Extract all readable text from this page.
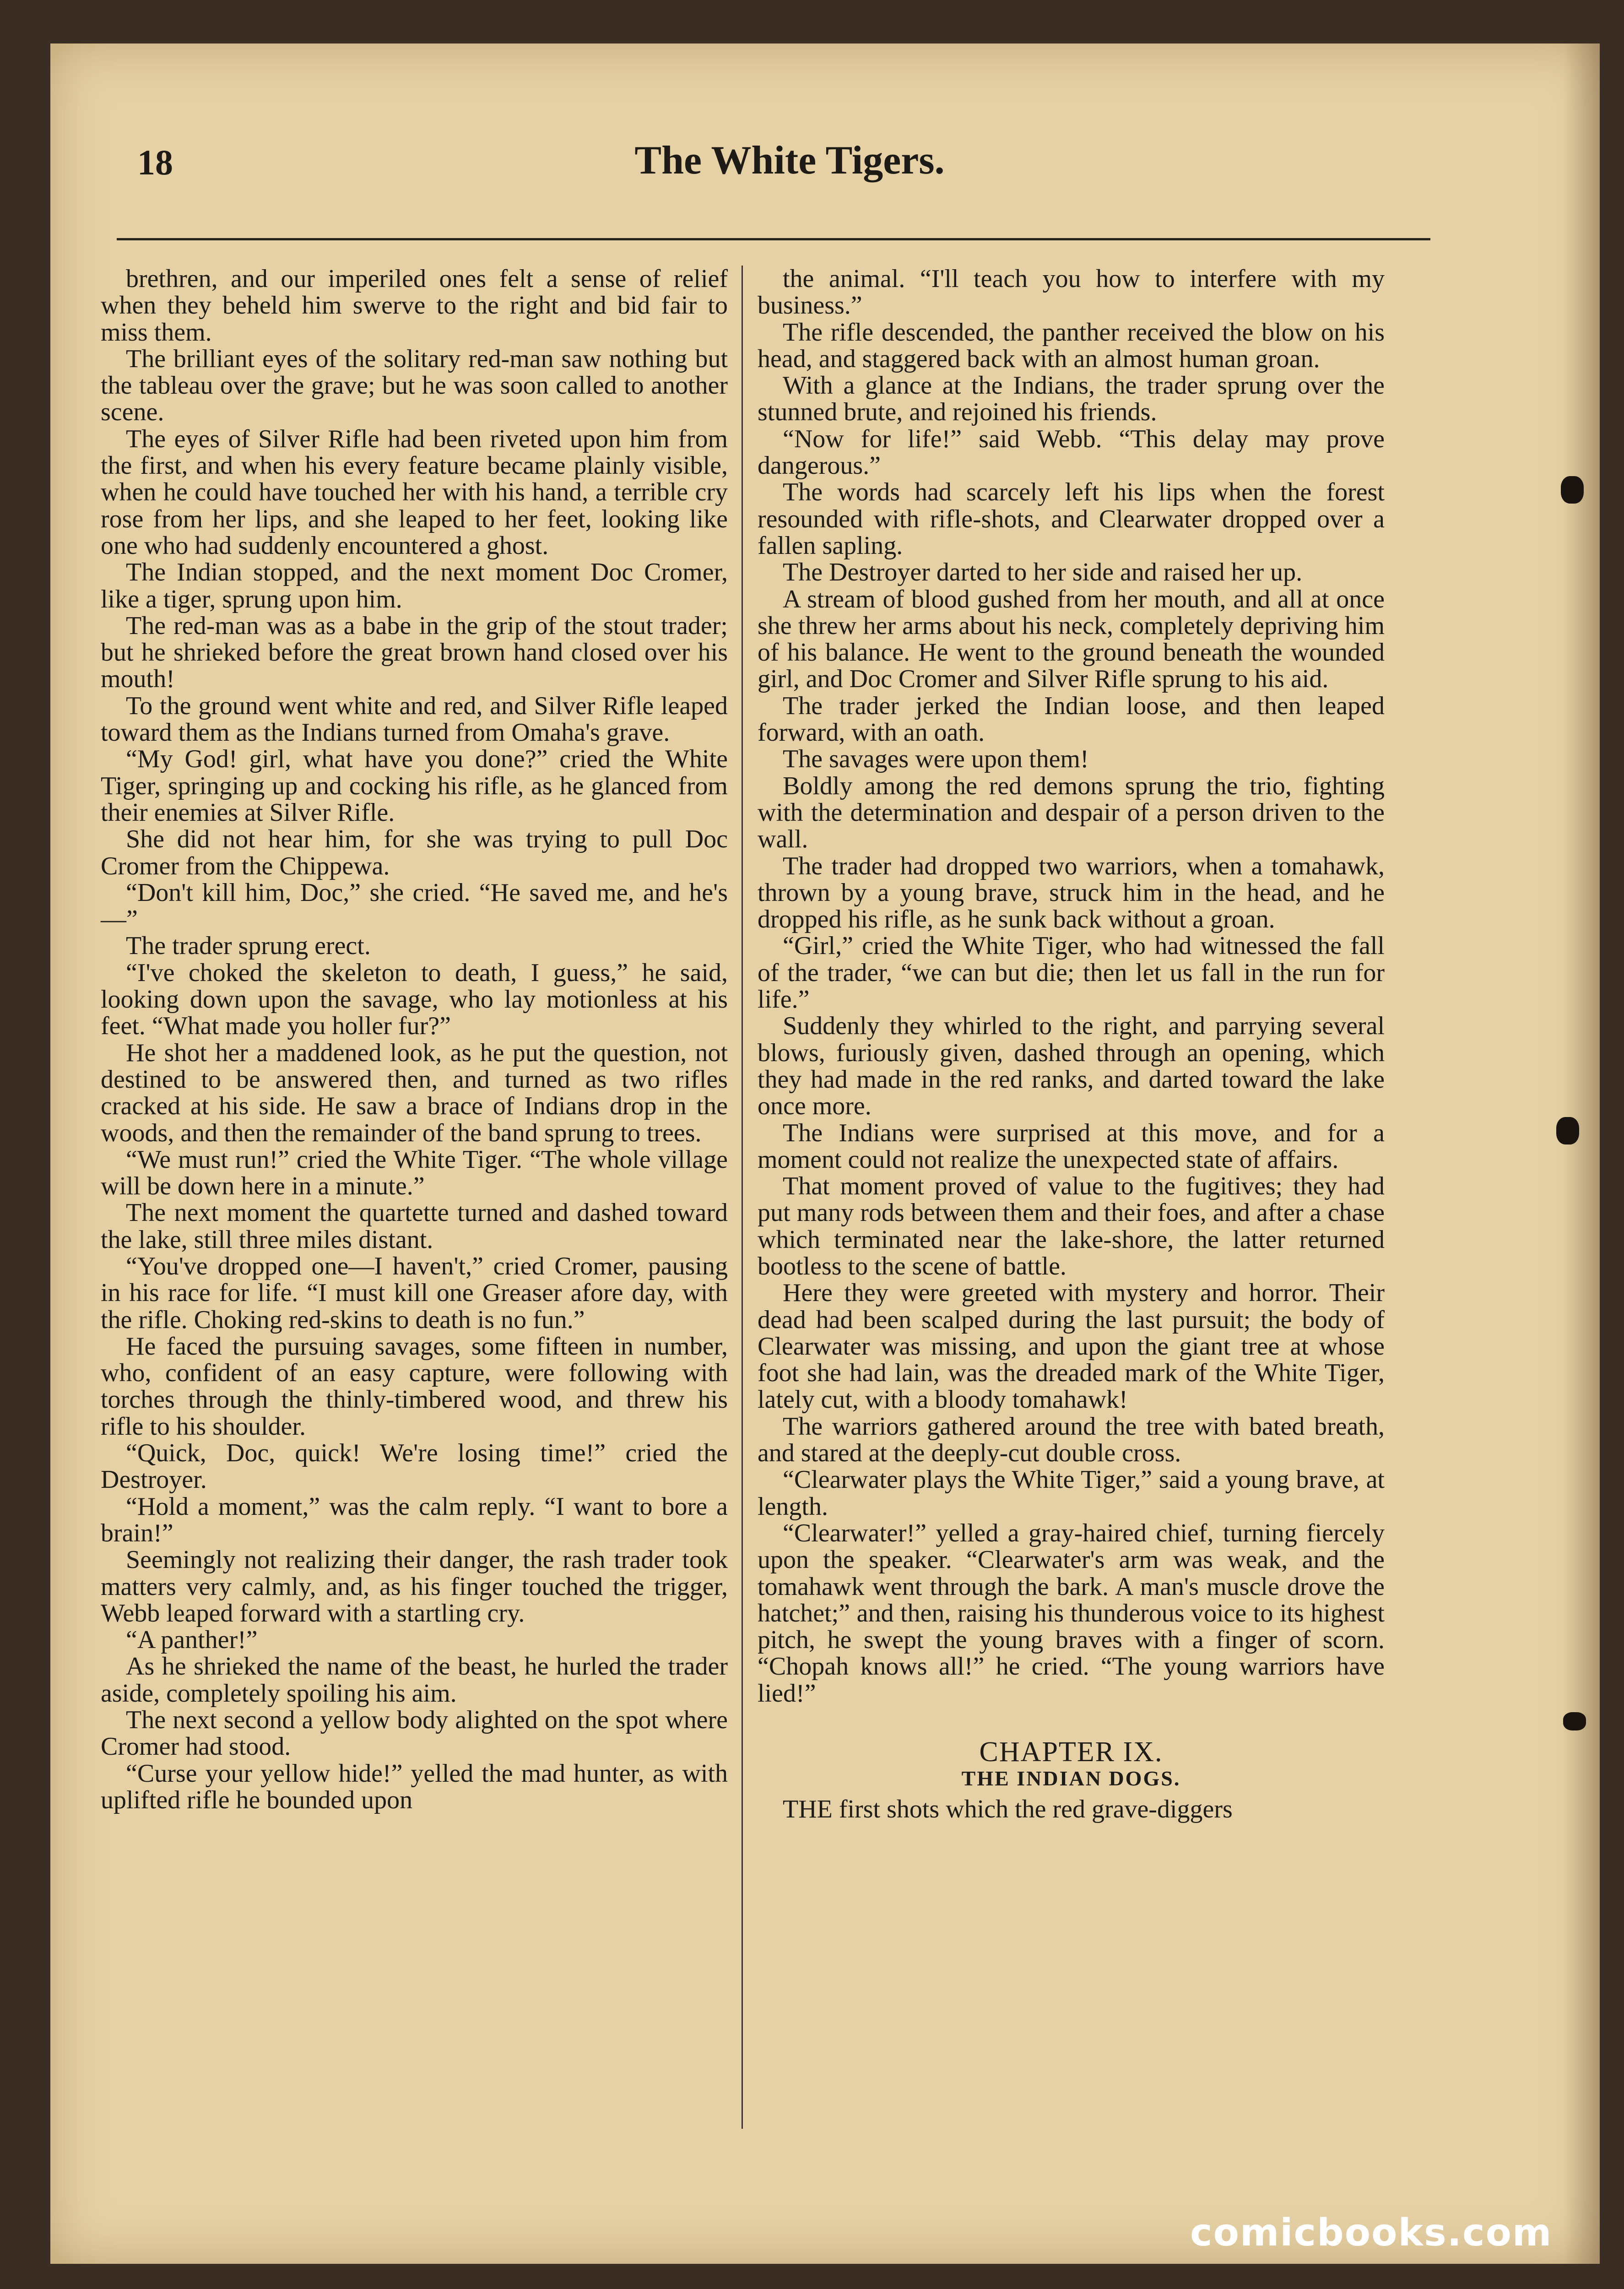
18	The White Tigers.

brethren, and our imperiled ones felt a sense of relief when they beheld him swerve to the right and bid fair to miss them.

The brilliant eyes of the solitary red-man saw nothing but the tableau over the grave; but he was soon called to another scene.

The eyes of Silver Rifle had been riveted upon him from the first, and when his every feature became plainly visible, when he could have touched her with his hand, a terrible cry rose from her lips, and she leaped to her feet, looking like one who had suddenly encountered a ghost.

The Indian stopped, and the next moment Doc Cromer, like a tiger, sprung upon him.

The red-man was as a babe in the grip of the stout trader; but he shrieked before the great brown hand closed over his mouth!

To the ground went white and red, and Silver Rifle leaped toward them as the Indians turned from Omaha's grave.

“My God! girl, what have you done?” cried the White Tiger, springing up and cocking his rifle, as he glanced from their enemies at Silver Rifle.

She did not hear him, for she was trying to pull Doc Cromer from the Chippewa.

“Don't kill him, Doc,” she cried. “He saved me, and he's—”

The trader sprung erect.

“I've choked the skeleton to death, I guess,” he said, looking down upon the savage, who lay motionless at his feet. “What made you holler fur?”

He shot her a maddened look, as he put the question, not destined to be answered then, and turned as two rifles cracked at his side. He saw a brace of Indians drop in the woods, and then the remainder of the band sprung to trees.

“We must run!” cried the White Tiger. “The whole village will be down here in a minute.”

The next moment the quartette turned and dashed toward the lake, still three miles distant.

“You've dropped one—I haven't,” cried Cromer, pausing in his race for life. “I must kill one Greaser afore day, with the rifle. Choking red-skins to death is no fun.”

He faced the pursuing savages, some fifteen in number, who, confident of an easy capture, were following with torches through the thinly-timbered wood, and threw his rifle to his shoulder.

“Quick, Doc, quick! We're losing time!” cried the Destroyer.

“Hold a moment,” was the calm reply. “I want to bore a brain!”

Seemingly not realizing their danger, the rash trader took matters very calmly, and, as his finger touched the trigger, Webb leaped forward with a startling cry.

“A panther!”

As he shrieked the name of the beast, he hurled the trader aside, completely spoiling his aim.

The next second a yellow body alighted on the spot where Cromer had stood.

“Curse your yellow hide!” yelled the mad hunter, as with uplifted rifle he bounded upon

the animal. “I'll teach you how to interfere with my business.”

The rifle descended, the panther received the blow on his head, and staggered back with an almost human groan.

With a glance at the Indians, the trader sprung over the stunned brute, and rejoined his friends.

“Now for life!” said Webb. “This delay may prove dangerous.”

The words had scarcely left his lips when the forest resounded with rifle-shots, and Clearwater dropped over a fallen sapling.

The Destroyer darted to her side and raised her up.

A stream of blood gushed from her mouth, and all at once she threw her arms about his neck, completely depriving him of his balance. He went to the ground beneath the wounded girl, and Doc Cromer and Silver Rifle sprung to his aid.

The trader jerked the Indian loose, and then leaped forward, with an oath.

The savages were upon them!

Boldly among the red demons sprung the trio, fighting with the determination and despair of a person driven to the wall.

The trader had dropped two warriors, when a tomahawk, thrown by a young brave, struck him in the head, and he dropped his rifle, as he sunk back without a groan.

“Girl,” cried the White Tiger, who had witnessed the fall of the trader, “we can but die; then let us fall in the run for life.”

Suddenly they whirled to the right, and parrying several blows, furiously given, dashed through an opening, which they had made in the red ranks, and darted toward the lake once more.

The Indians were surprised at this move, and for a moment could not realize the unexpected state of affairs.

That moment proved of value to the fugitives; they had put many rods between them and their foes, and after a chase which terminated near the lake-shore, the latter returned bootless to the scene of battle.

Here they were greeted with mystery and horror. Their dead had been scalped during the last pursuit; the body of Clearwater was missing, and upon the giant tree at whose foot she had lain, was the dreaded mark of the White Tiger, lately cut, with a bloody tomahawk!

The warriors gathered around the tree with bated breath, and stared at the deeply-cut double cross.

“Clearwater plays the White Tiger,” said a young brave, at length.

“Clearwater!” yelled a gray-haired chief, turning fiercely upon the speaker. “Clearwater's arm was weak, and the tomahawk went through the bark. A man's muscle drove the hatchet;” and then, raising his thunderous voice to its highest pitch, he swept the young braves with a finger of scorn. “Chopah knows all!” he cried. “The young warriors have lied!”

CHAPTER IX.

THE INDIAN DOGS.

THE first shots which the red grave-diggers

comicbooks.com
